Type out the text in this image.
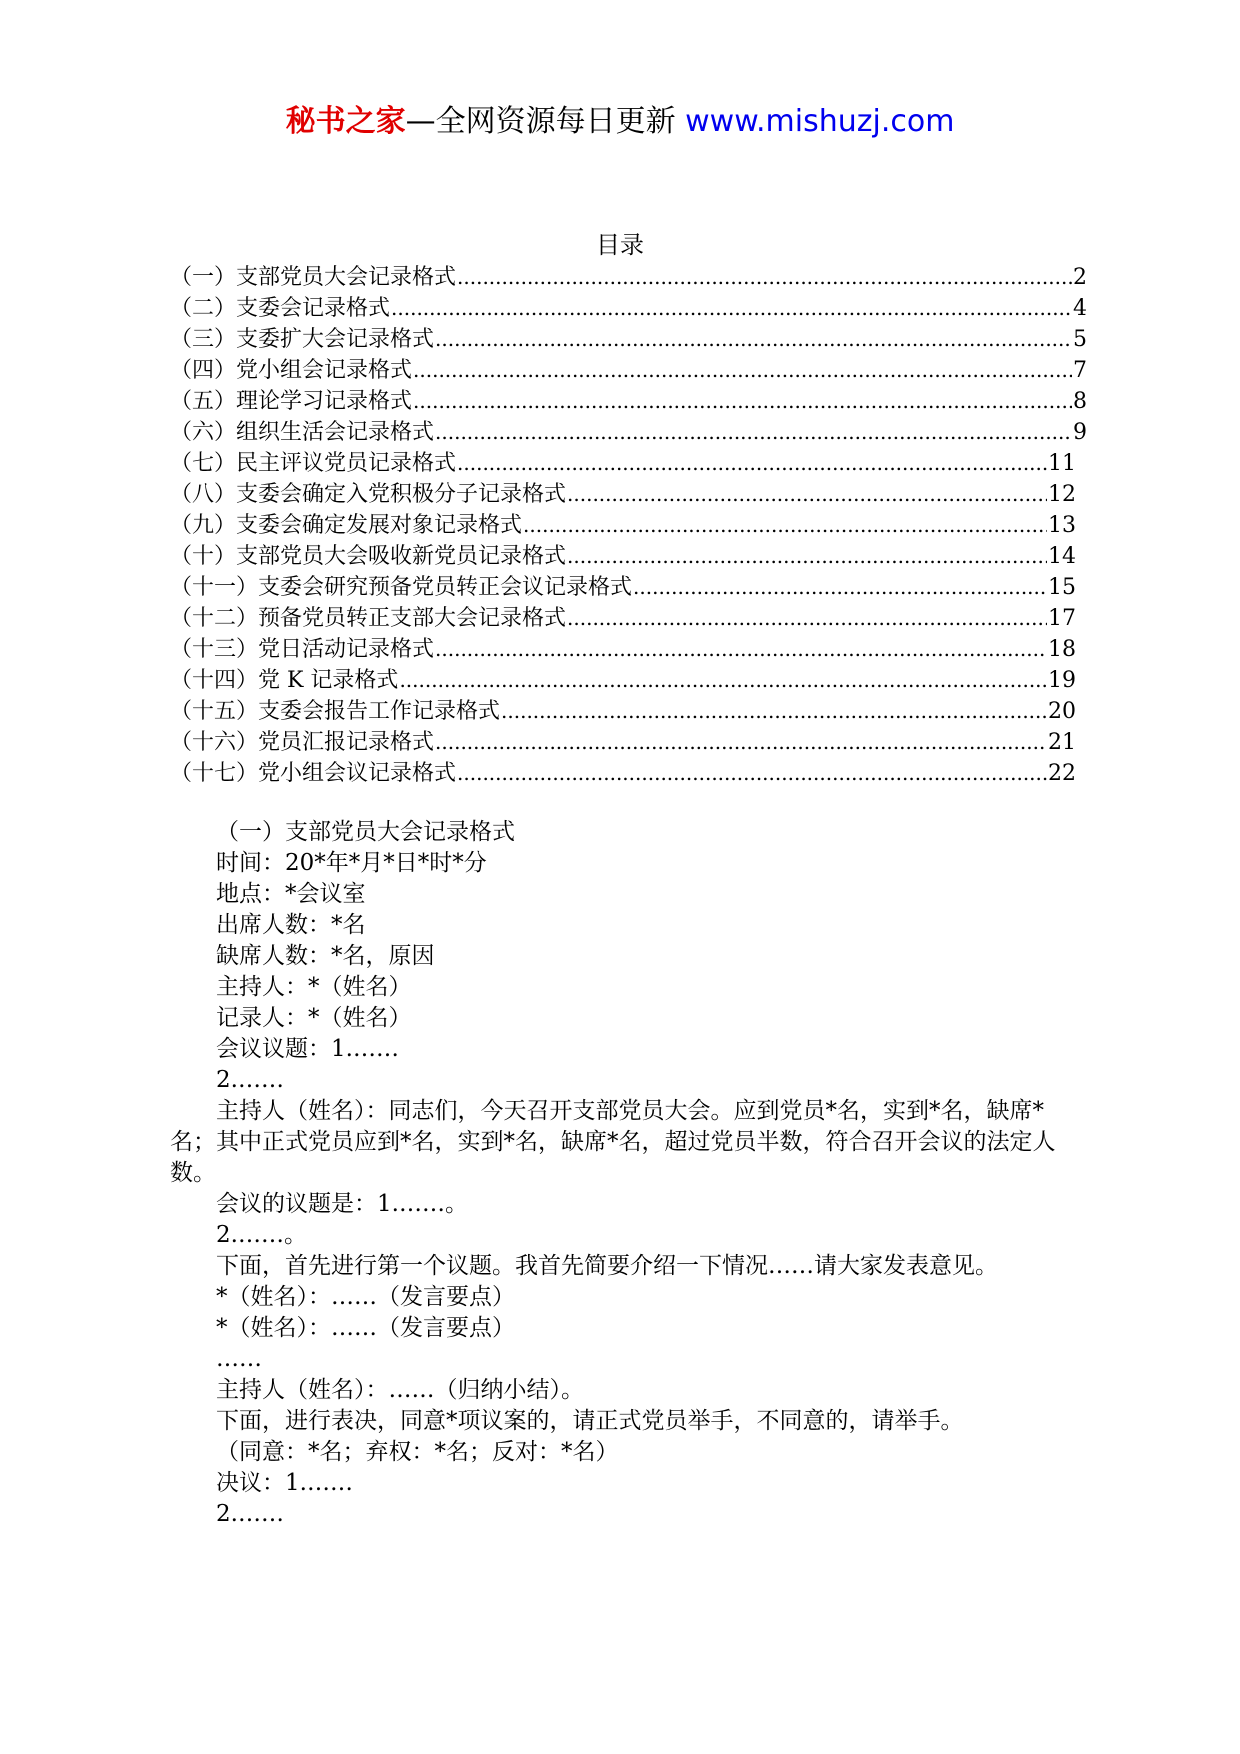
秘书之家—全网资源每日更新 www.mishuzj.com
目录
（一）支部党员大会记录格式 .....	2
（二）支委会记录格式 .....	4
（三）支委扩大会记录格式 .....	5
（四）党小组会记录格式 .....	7
（五）理论学习记录格式 .....	8
（六）组织生活会记录格式 .....	9
（七）民主评议党员记录格式 .....	11
（八）支委会确定入党积极分子记录格式 .....	12
（九）支委会确定发展对象记录格式 .....	13
（十）支部党员大会吸收新党员记录格式 .....	14
（十一）支委会研究预备党员转正会议记录格式 .....	15
（十二）预备党员转正支部大会记录格式 .....	17
（十三）党日活动记录格式 .....	18
（十四）党 K 记录格式 .....	19
（十五）支委会报告工作记录格式 .....	20
（十六）党员汇报记录格式 .....	21
（十七）党小组会议记录格式 .....	22

（一）支部党员大会记录格式

时间：20*年*月*日*时*分

地点：*会议室

出席人数：*名

缺席人数：*名，原因

主持人：*（姓名）

记录人：*（姓名）

会议议题：1.……

2.……

主持人（姓名）：同志们，今天召开支部党员大会。应到党员*名，实到*名，缺席*名；其中正式党员应到*名，实到*名，缺席*名，超过党员半数，符合召开会议的法定人数。

会议的议题是：1.……。

2.……。

下面，首先进行第一个议题。我首先简要介绍一下情况……请大家发表意见。

*（姓名）：……（发言要点）

*（姓名）：……（发言要点）

……

主持人（姓名）：……（归纳小结）。

下面，进行表决，同意*项议案的，请正式党员举手，不同意的，请举手。

（同意：*名；弃权：*名；反对：*名）

决议：1.……

2.……
